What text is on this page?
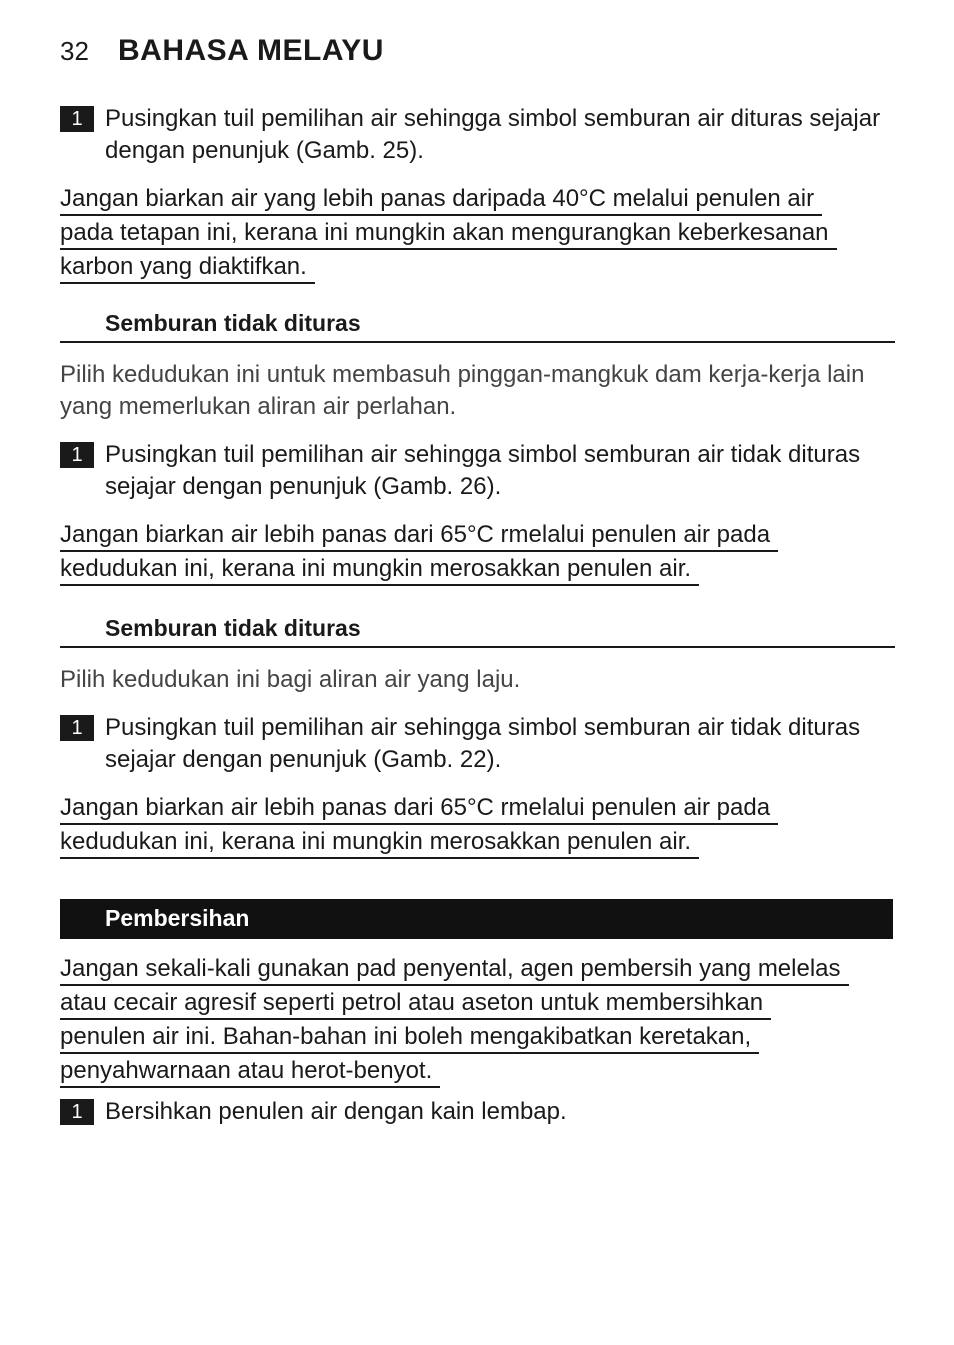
32 BAHASA MELAYU
1 Pusingkan tuil pemilihan air sehingga simbol semburan air dituras sejajar dengan penunjuk (Gamb. 25).
Jangan biarkan air yang lebih panas daripada 40°C melalui penulen air
pada tetapan ini, kerana ini mungkin akan mengurangkan keberkesanan
karbon yang diaktifkan.
Semburan tidak dituras
Pilih kedudukan ini untuk membasuh pinggan-mangkuk dam kerja-kerja lain yang memerlukan aliran air perlahan.
1 Pusingkan tuil pemilihan air sehingga simbol semburan air tidak dituras sejajar dengan penunjuk (Gamb. 26).
Jangan biarkan air lebih panas dari 65°C rmelalui penulen air pada
kedudukan ini, kerana ini mungkin merosakkan penulen air.
Semburan tidak dituras
Pilih kedudukan ini bagi aliran air yang laju.
1 Pusingkan tuil pemilihan air sehingga simbol semburan air tidak dituras sejajar dengan penunjuk (Gamb. 22).
Jangan biarkan air lebih panas dari 65°C rmelalui penulen air pada
kedudukan ini, kerana ini mungkin merosakkan penulen air.
Pembersihan
Jangan sekali-kali gunakan pad penyental, agen pembersih yang melelas
atau cecair agresif seperti petrol atau aseton untuk membersihkan
penulen air ini. Bahan-bahan ini boleh mengakibatkan keretakan,
penyahwarnaan atau herot-benyot.
1 Bersihkan penulen air dengan kain lembap.
